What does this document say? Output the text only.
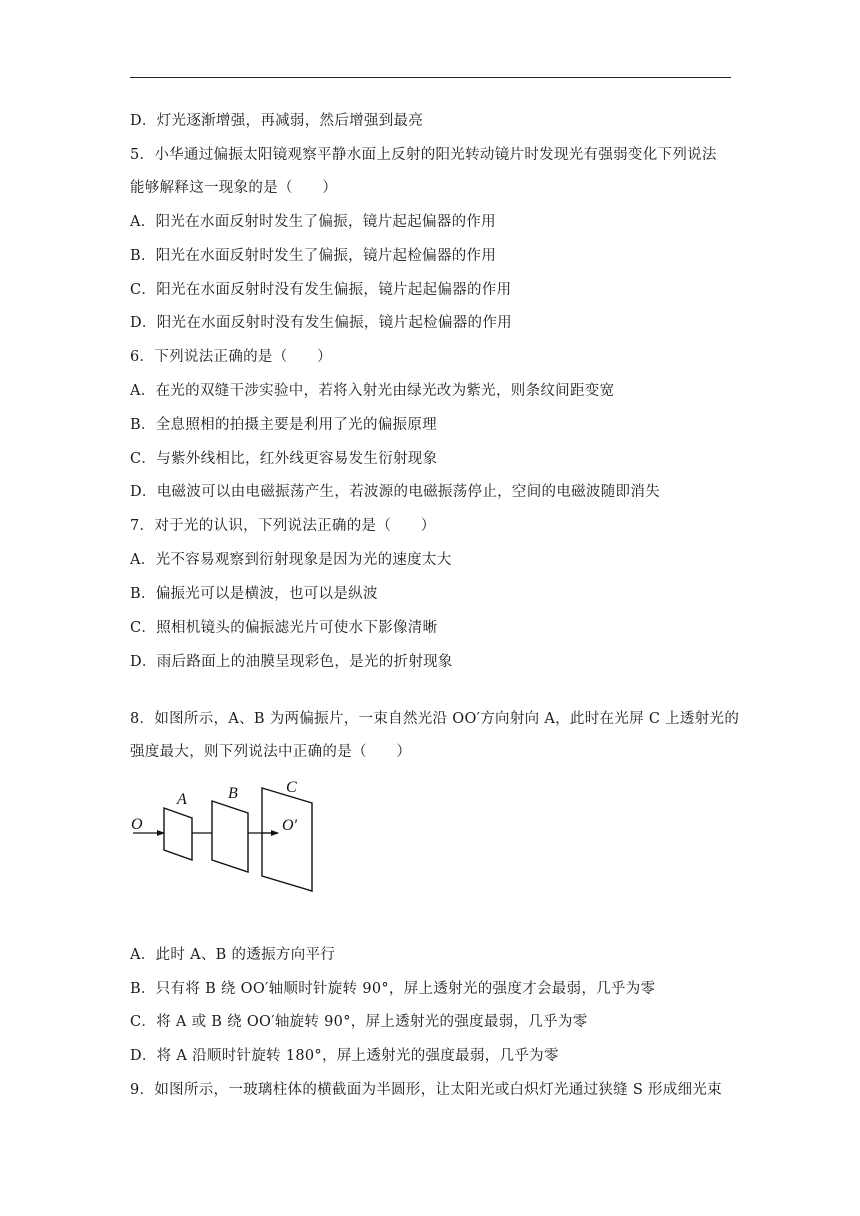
D．灯光逐渐增强，再减弱，然后增强到最亮
5．小华通过偏振太阳镜观察平静水面上反射的阳光转动镜片时发现光有强弱变化下列说法
能够解释这一现象的是（　　）
A．阳光在水面反射时发生了偏振，镜片起起偏器的作用
B．阳光在水面反射时发生了偏振，镜片起检偏器的作用
C．阳光在水面反射时没有发生偏振，镜片起起偏器的作用
D．阳光在水面反射时没有发生偏振，镜片起检偏器的作用
6．下列说法正确的是（　　）
A．在光的双缝干涉实验中，若将入射光由绿光改为紫光，则条纹间距变宽
B．全息照相的拍摄主要是利用了光的偏振原理
C．与紫外线相比，红外线更容易发生衍射现象
D．电磁波可以由电磁振荡产生，若波源的电磁振荡停止，空间的电磁波随即消失
7．对于光的认识，下列说法正确的是（　　）
A．光不容易观察到衍射现象是因为光的速度太大
B．偏振光可以是横波，也可以是纵波
C．照相机镜头的偏振滤光片可使水下影像清晰
D．雨后路面上的油膜呈现彩色，是光的折射现象
8．如图所示，A、B 为两偏振片，一束自然光沿 OO′方向射向 A，此时在光屏 C 上透射光的
强度最大，则下列说法中正确的是（　　）
O	O′
A	B	C
A．此时 A、B 的透振方向平行
B．只有将 B 绕 OO′轴顺时针旋转 90°，屏上透射光的强度才会最弱，几乎为零
C．将 A 或 B 绕 OO′轴旋转 90°，屏上透射光的强度最弱，几乎为零
D．将 A 沿顺时针旋转 180°，屏上透射光的强度最弱，几乎为零
9．如图所示，一玻璃柱体的横截面为半圆形，让太阳光或白炽灯光通过狭缝 S 形成细光束
